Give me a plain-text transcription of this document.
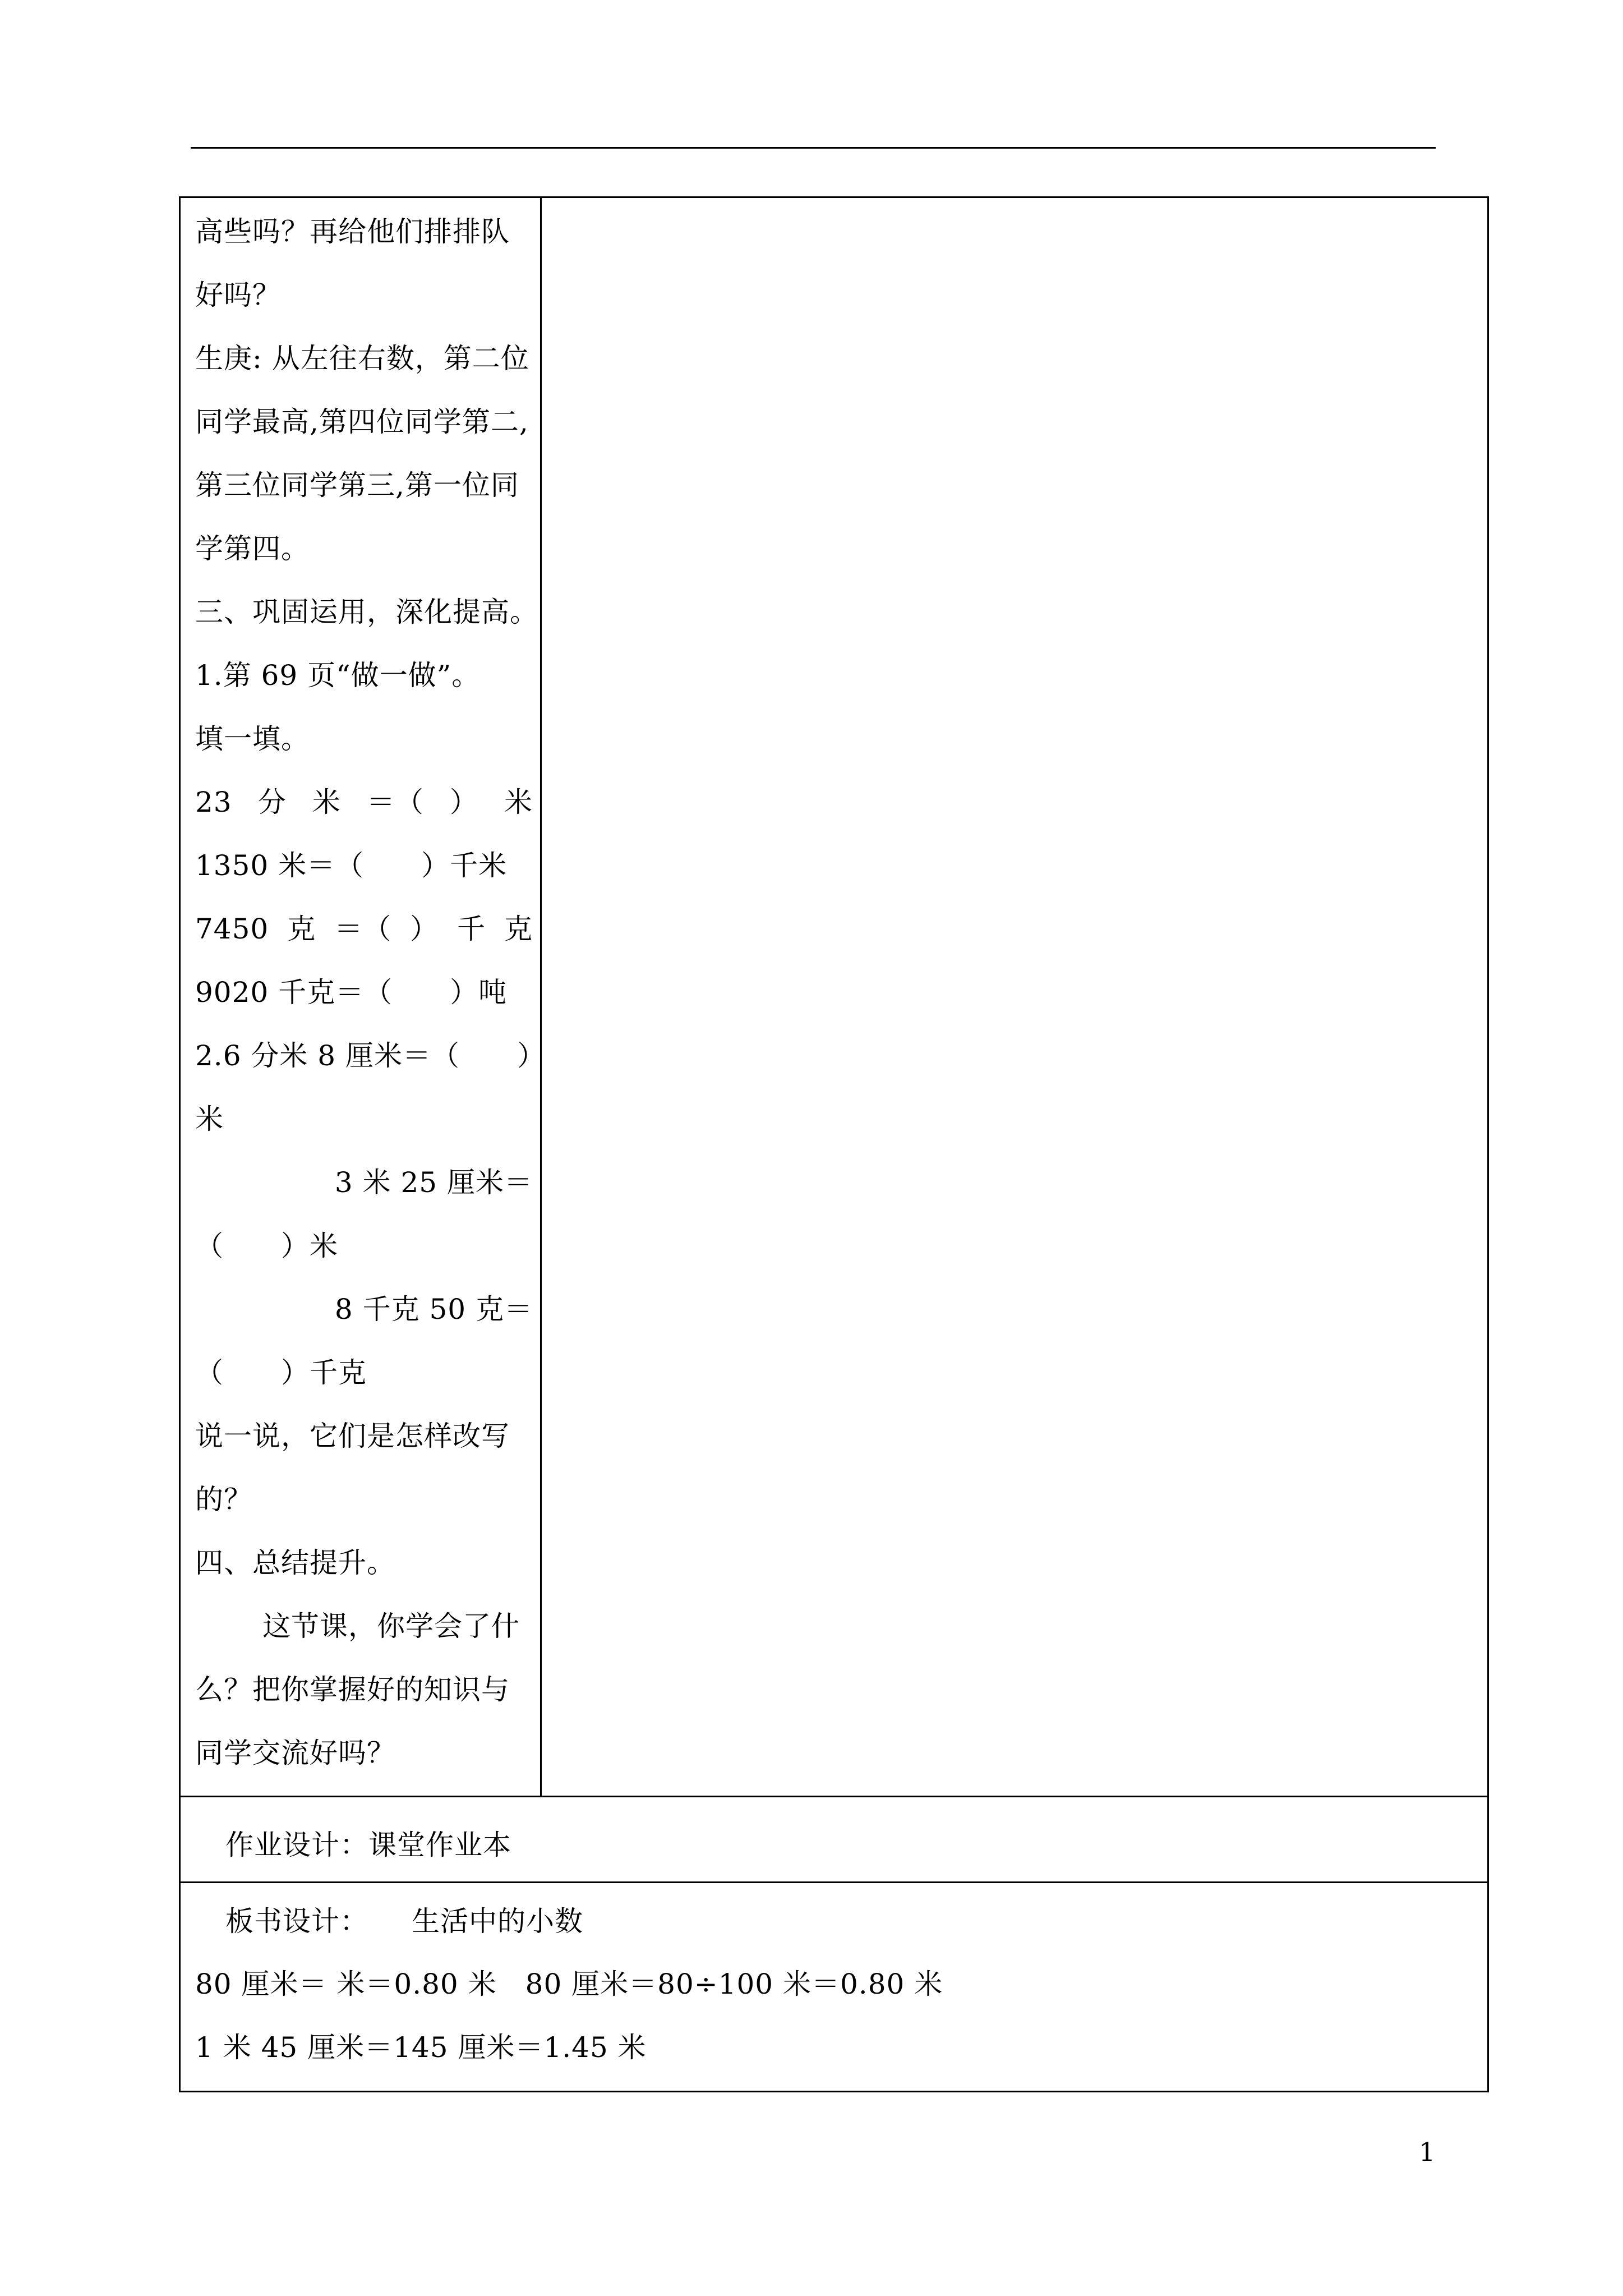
高些吗？再给他们排排队
好吗？
生庚: 从左往右数，第二位
同学最高,第四位同学第二,
第三位同学第三,第一位同
学第四。
三、巩固运用，深化提高。
1.第 69 页“做一做”。
填一填。
23 分 米 ＝（ ） 米
1350 米＝（　　）千米
7450 克 ＝（ ） 千 克
9020 千克＝（　　）吨
2.6 分米 8 厘米＝（　　）
米
3 米 25 厘米＝
（　　）米
8 千克 50 克＝
（　　）千克
说一说，它们是怎样改写
的？
四、总结提升。
这节课，你学会了什
么？把你掌握好的知识与
同学交流好吗？
作业设计：课堂作业本
板书设计：　　生活中的小数
80 厘米＝ 米＝0.80 米　80 厘米＝80÷100 米＝0.80 米
1 米 45 厘米＝145 厘米＝1.45 米
1
